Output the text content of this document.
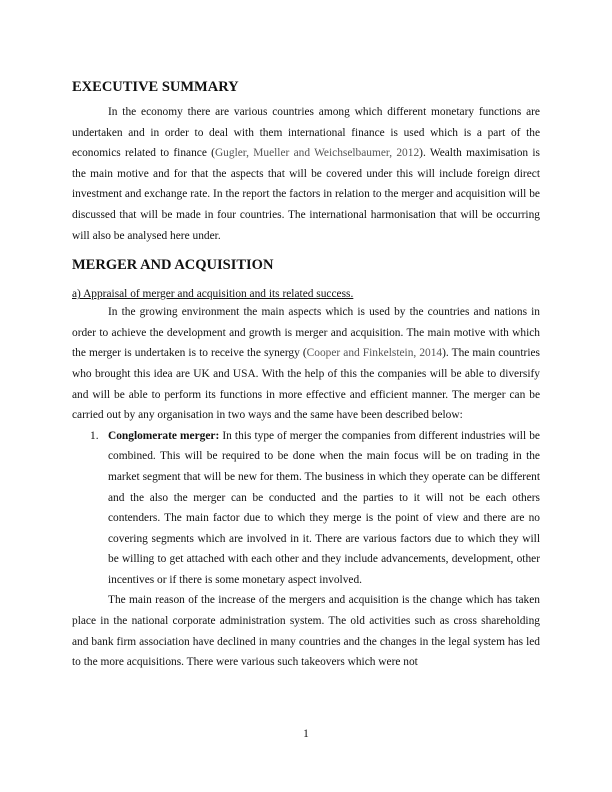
EXECUTIVE SUMMARY

In the economy there are various countries among which different monetary functions are undertaken and in order to deal with them international finance is used which is a part of the economics related to finance (Gugler, Mueller and Weichselbaumer, 2012). Wealth maximisation is the main motive and for that the aspects that will be covered under this will include foreign direct investment and exchange rate. In the report the factors in relation to the merger and acquisition will be discussed that will be made in four countries. The international harmonisation that will be occurring will also be analysed here under.

MERGER AND ACQUISITION

a) Appraisal of merger and acquisition and its related success.

In the growing environment the main aspects which is used by the countries and nations in order to achieve the development and growth is merger and acquisition. The main motive with which the merger is undertaken is to receive the synergy (Cooper and Finkelstein, 2014). The main countries who brought this idea are UK and USA. With the help of this the companies will be able to diversify and will be able to perform its functions in more effective and efficient manner. The merger can be carried out by any organisation in two ways and the same have been described below:

1. Conglomerate merger: In this type of merger the companies from different industries will be combined. This will be required to be done when the main focus will be on trading in the market segment that will be new for them. The business in which they operate can be different and the also the merger can be conducted and the parties to it will not be each others contenders. The main factor due to which they merge is the point of view and there are no covering segments which are involved in it. There are various factors due to which they will be willing to get attached with each other and they include advancements, development, other incentives or if there is some monetary aspect involved.

The main reason of the increase of the mergers and acquisition is the change which has taken place in the national corporate administration system. The old activities such as cross shareholding and bank firm association have declined in many countries and the changes in the legal system has led to the more acquisitions. There were various such takeovers which were not

1
